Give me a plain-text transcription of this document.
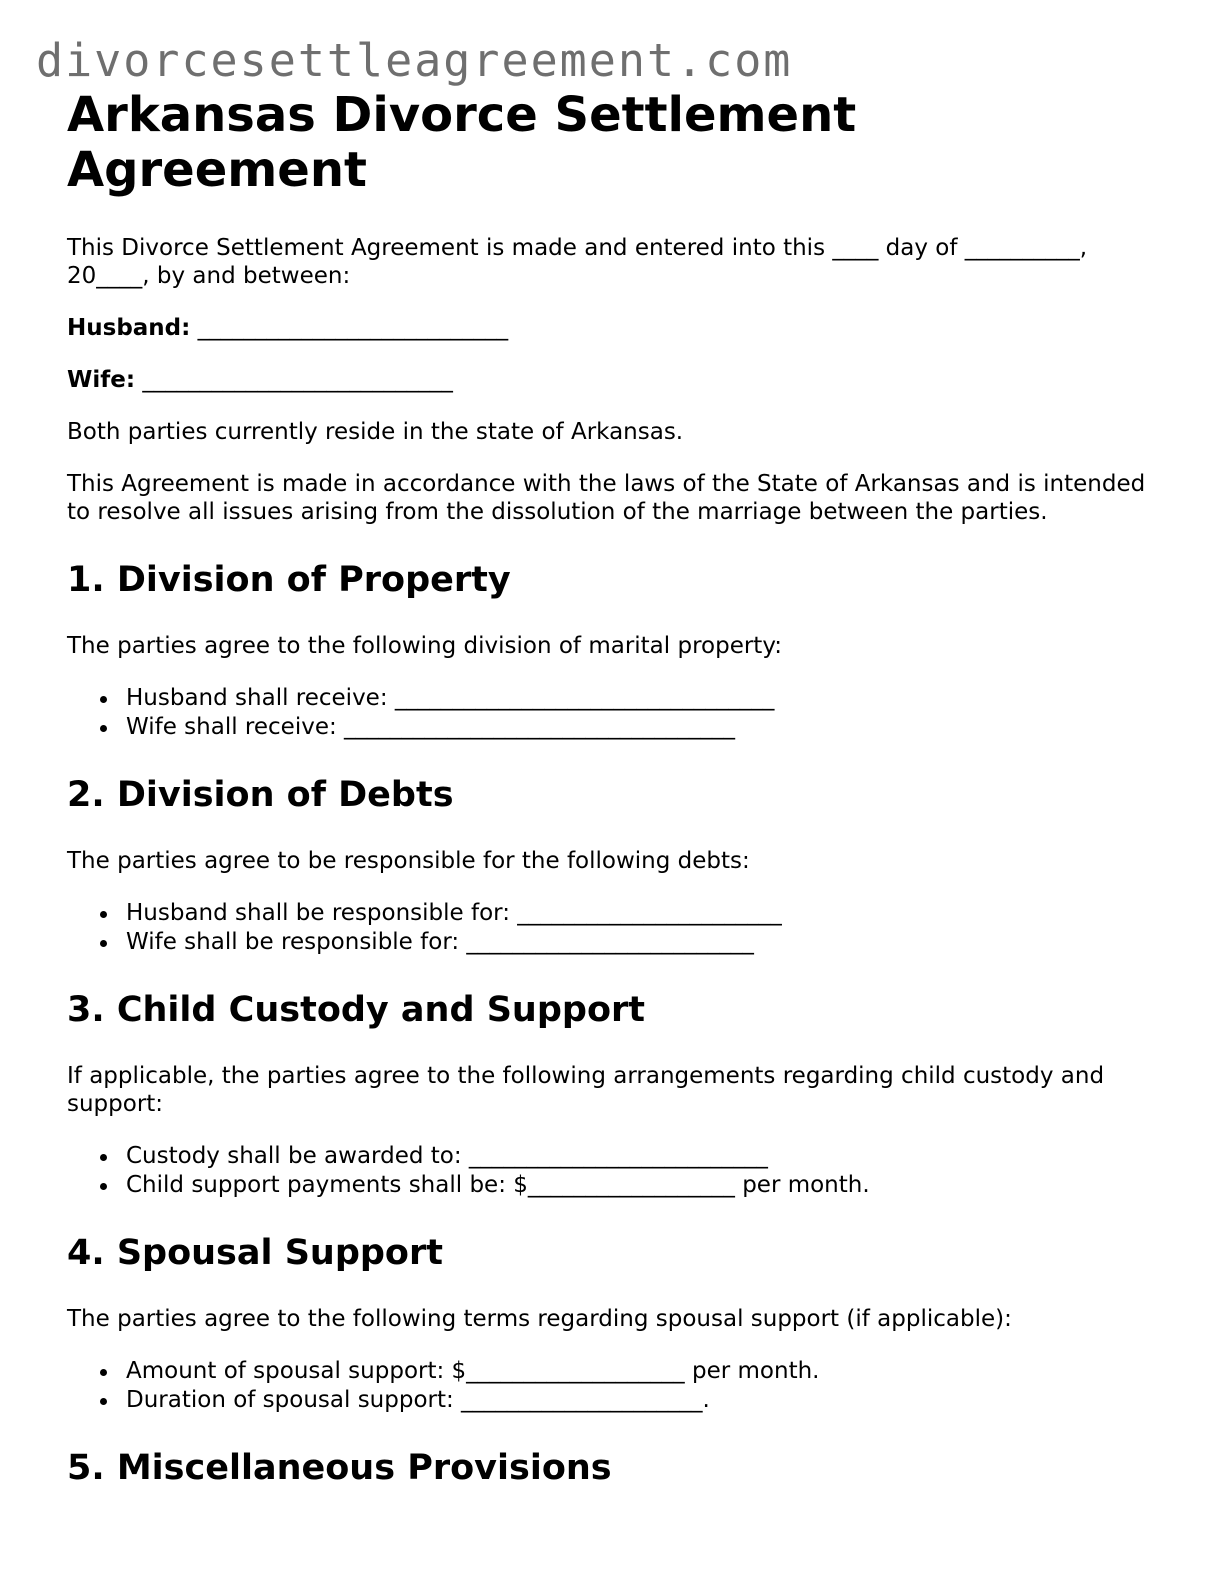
divorcesettleagreement.com
Arkansas Divorce Settlement Agreement

This Divorce Settlement Agreement is made and entered into this ____ day of __________, 20____, by and between:

Husband: ___________________________

Wife: ___________________________

Both parties currently reside in the state of Arkansas.

This Agreement is made in accordance with the laws of the State of Arkansas and is intended to resolve all issues arising from the dissolution of the marriage between the parties.

1. Division of Property

The parties agree to the following division of marital property:

Husband shall receive: _________________________________
Wife shall receive: __________________________________
2. Division of Debts

The parties agree to be responsible for the following debts:

Husband shall be responsible for: _______________________
Wife shall be responsible for: _________________________
3. Child Custody and Support

If applicable, the parties agree to the following arrangements regarding child custody and support:

Custody shall be awarded to: __________________________
Child support payments shall be: $__________________ per month.
4. Spousal Support

The parties agree to the following terms regarding spousal support (if applicable):

Amount of spousal support: $___________________ per month.
Duration of spousal support: _____________________.
5. Miscellaneous Provisions
